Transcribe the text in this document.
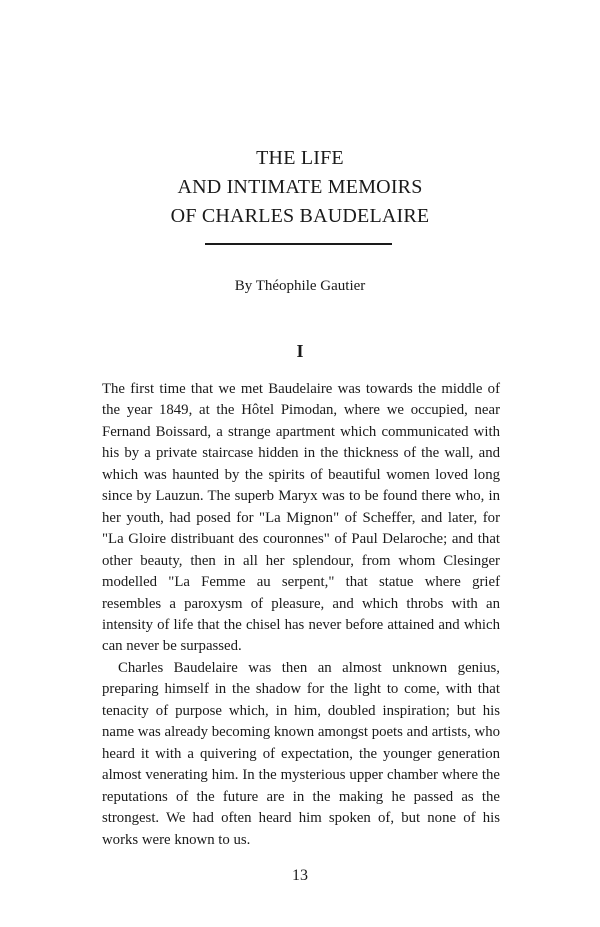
THE LIFE
AND INTIMATE MEMOIRS
OF CHARLES BAUDELAIRE
By Théophile Gautier
I

The first time that we met Baudelaire was towards the middle of the year 1849, at the Hôtel Pimodan, where we occupied, near Fernand Boissard, a strange apartment which communicated with his by a private staircase hidden in the thickness of the wall, and which was haunted by the spirits of beautiful women loved long since by Lauzun. The superb Maryx was to be found there who, in her youth, had posed for "La Mignon" of Scheffer, and later, for "La Gloire distribuant des couronnes" of Paul Delaroche; and that other beauty, then in all her splendour, from whom Clesinger modelled "La Femme au serpent," that statue where grief resembles a paroxysm of pleasure, and which throbs with an intensity of life that the chisel has never before attained and which can never be surpassed.

Charles Baudelaire was then an almost unknown genius, preparing himself in the shadow for the light to come, with that tenacity of purpose which, in him, doubled inspiration; but his name was already becoming known amongst poets and artists, who heard it with a quivering of expectation, the younger generation almost venerating him. In the mysterious upper chamber where the reputations of the future are in the making he passed as the strongest. We had often heard him spoken of, but none of his works were known to us.

13
